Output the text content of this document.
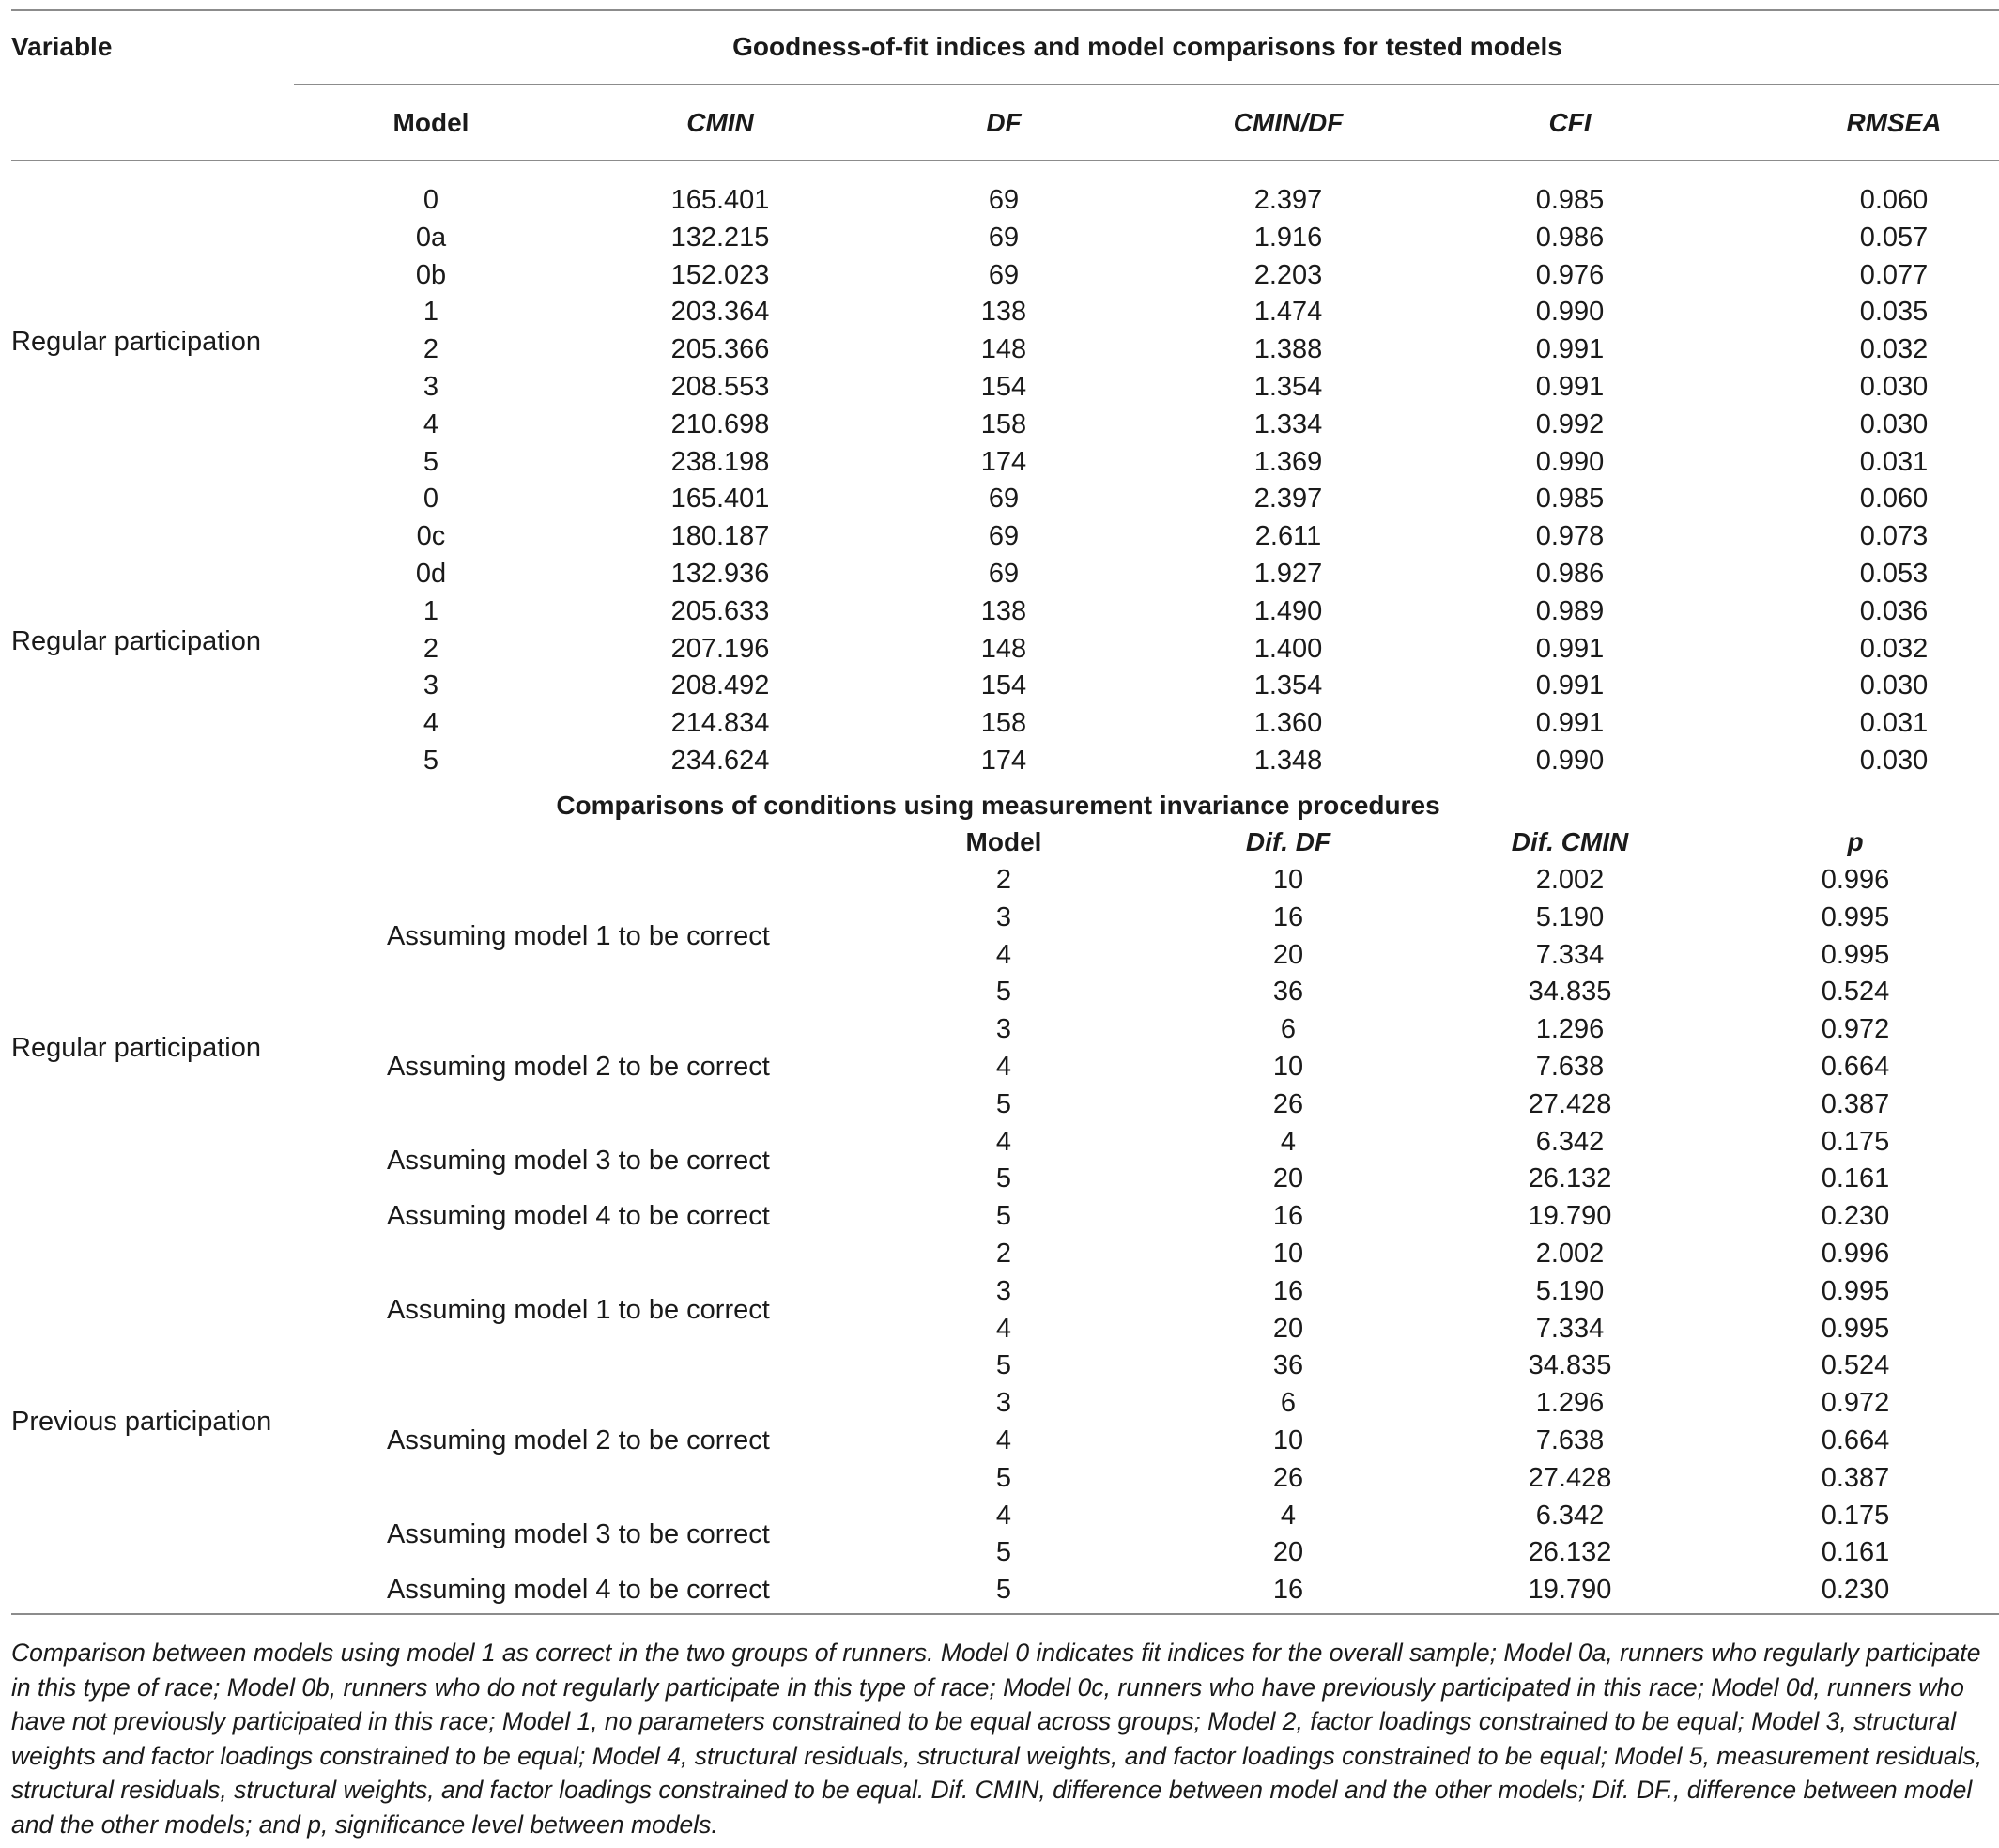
Variable	Goodness-of-fit indices and model comparisons for tested models
Model	CMIN	DF	CMIN/DF	CFI	RMSEA
Regular participation
0	165.401	69	2.397	0.985	0.060
0a	132.215	69	1.916	0.986	0.057
0b	152.023	69	2.203	0.976	0.077
1	203.364	138	1.474	0.990	0.035
2	205.366	148	1.388	0.991	0.032
3	208.553	154	1.354	0.991	0.030
4	210.698	158	1.334	0.992	0.030
5	238.198	174	1.369	0.990	0.031
Regular participation
0	165.401	69	2.397	0.985	0.060
0c	180.187	69	2.611	0.978	0.073
0d	132.936	69	1.927	0.986	0.053
1	205.633	138	1.490	0.989	0.036
2	207.196	148	1.400	0.991	0.032
3	208.492	154	1.354	0.991	0.030
4	214.834	158	1.360	0.991	0.031
5	234.624	174	1.348	0.990	0.030
Comparisons of conditions using measurement invariance procedures
Model	Dif. DF	Dif. CMIN	p
Regular participation
Assuming model 1 to be correct
2	10	2.002	0.996
3	16	5.190	0.995
4	20	7.334	0.995
5	36	34.835	0.524
Assuming model 2 to be correct
3	6	1.296	0.972
4	10	7.638	0.664
5	26	27.428	0.387
Assuming model 3 to be correct
4	4	6.342	0.175
5	20	26.132	0.161
Assuming model 4 to be correct	5	16	19.790	0.230
Previous participation
Assuming model 1 to be correct
2	10	2.002	0.996
3	16	5.190	0.995
4	20	7.334	0.995
5	36	34.835	0.524
Assuming model 2 to be correct
3	6	1.296	0.972
4	10	7.638	0.664
5	26	27.428	0.387
Assuming model 3 to be correct
4	4	6.342	0.175
5	20	26.132	0.161
Assuming model 4 to be correct	5	16	19.790	0.230
Comparison between models using model 1 as correct in the two groups of runners. Model 0 indicates fit indices for the overall sample; Model 0a, runners who regularly participate in this type of race; Model 0b, runners who do not regularly participate in this type of race; Model 0c, runners who have previously participated in this race; Model 0d, runners who have not previously participated in this race; Model 1, no parameters constrained to be equal across groups; Model 2, factor loadings constrained to be equal; Model 3, structural weights and factor loadings constrained to be equal; Model 4, structural residuals, structural weights, and factor loadings constrained to be equal; Model 5, measurement residuals, structural residuals, structural weights, and factor loadings constrained to be equal. Dif. CMIN, difference between model and the other models; Dif. DF., difference between model and the other models; and p, significance level between models.
